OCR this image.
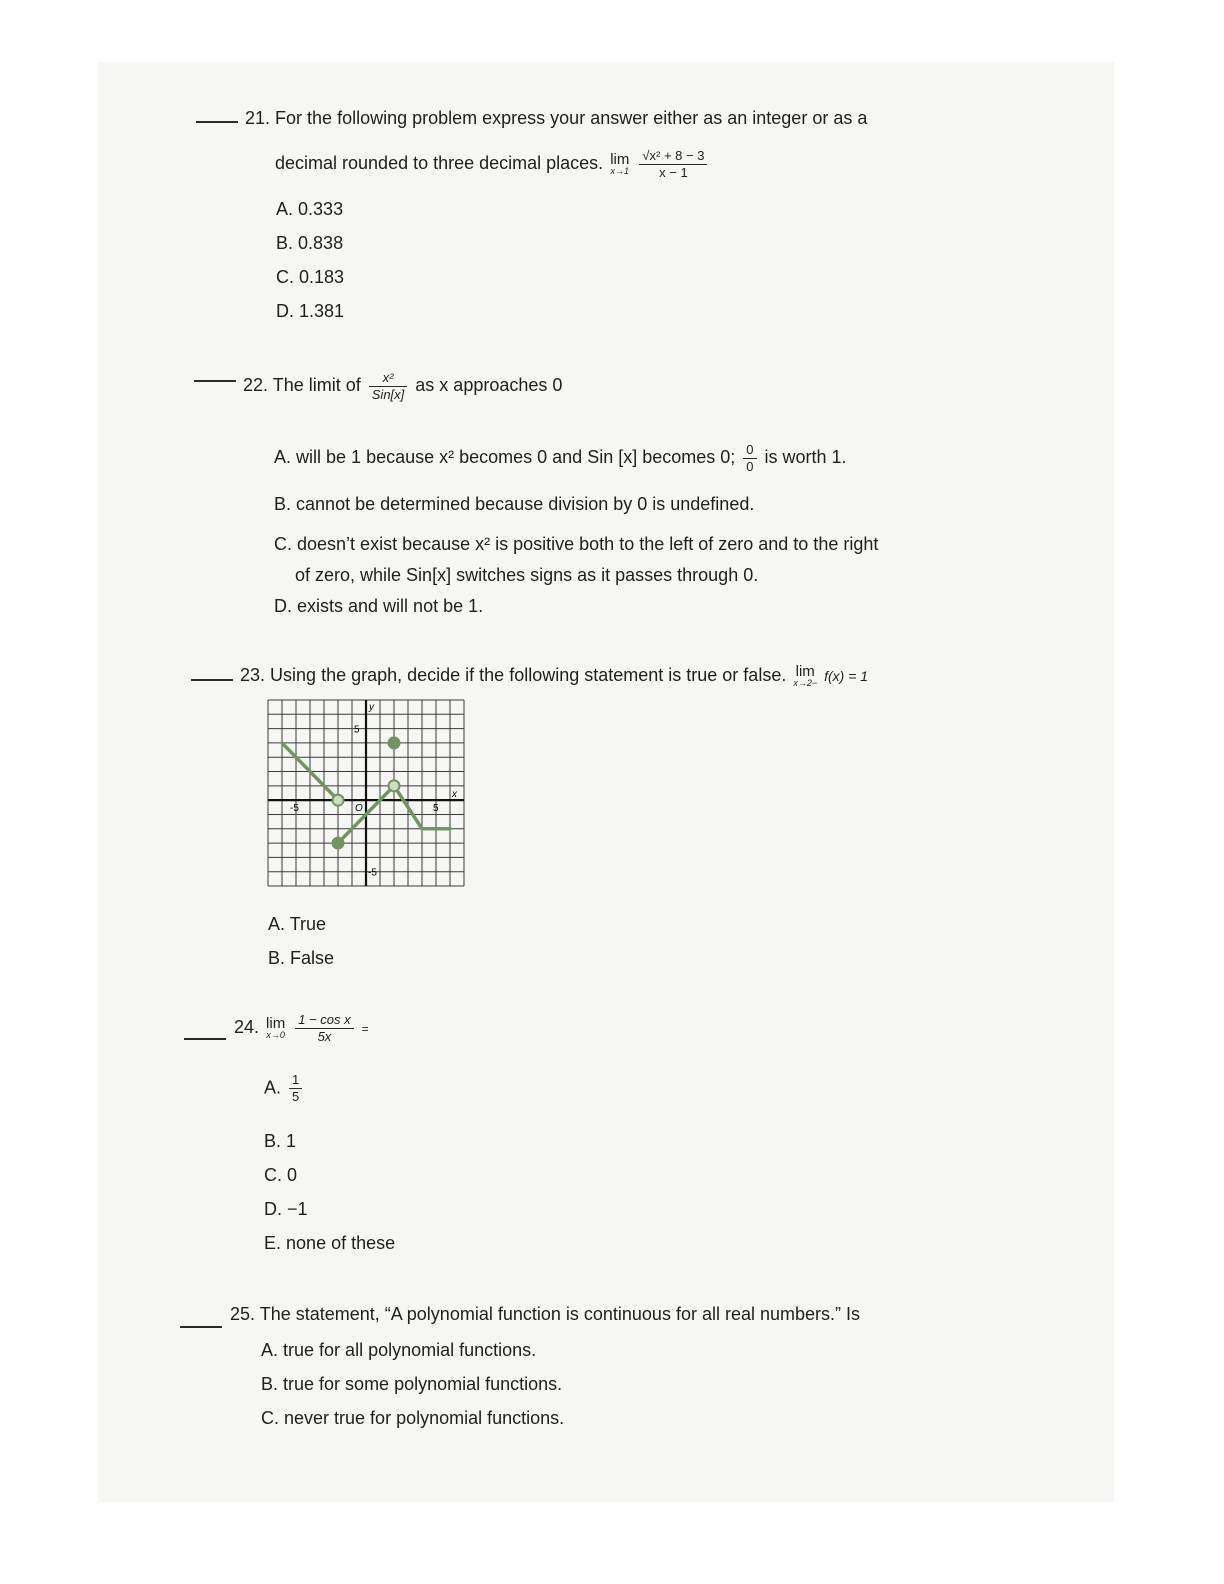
21. For the following problem express your answer either as an integer or as a
decimal rounded to three decimal places. lim
x→1
$\frac{\text{√x² + 8 − 3}}{x - 1}$
A. 0.333
B. 0.838
C. 0.183
D. 1.381
22. The limit of $\frac{\text{x²}}{\text{Sin[x]}}$ as x approaches 0
A. will be 1 because x² becomes 0 and Sin [x] becomes 0; $\frac{0}{0}$ is worth 1.
B. cannot be determined because division by 0 is undefined.
C. doesn’t exist because x² is positive both to the left of zero and to the right
of zero, while Sin[x] switches signs as it passes through 0.
D. exists and will not be 1.
23. Using the graph, decide if the following statement is true or false. lim
x→2− f(x) = 1
-5	5
5
-5
O
x
y
A. True
B. False
24. lim
x→0
$\frac{\text{1 − cos x}}{5x}$ =
A. $\frac{1}{5}$
B. 1
C. 0
D. −1
E. none of these
25. The statement, “A polynomial function is continuous for all real numbers.” Is
A. true for all polynomial functions.
B. true for some polynomial functions.
C. never true for polynomial functions.
